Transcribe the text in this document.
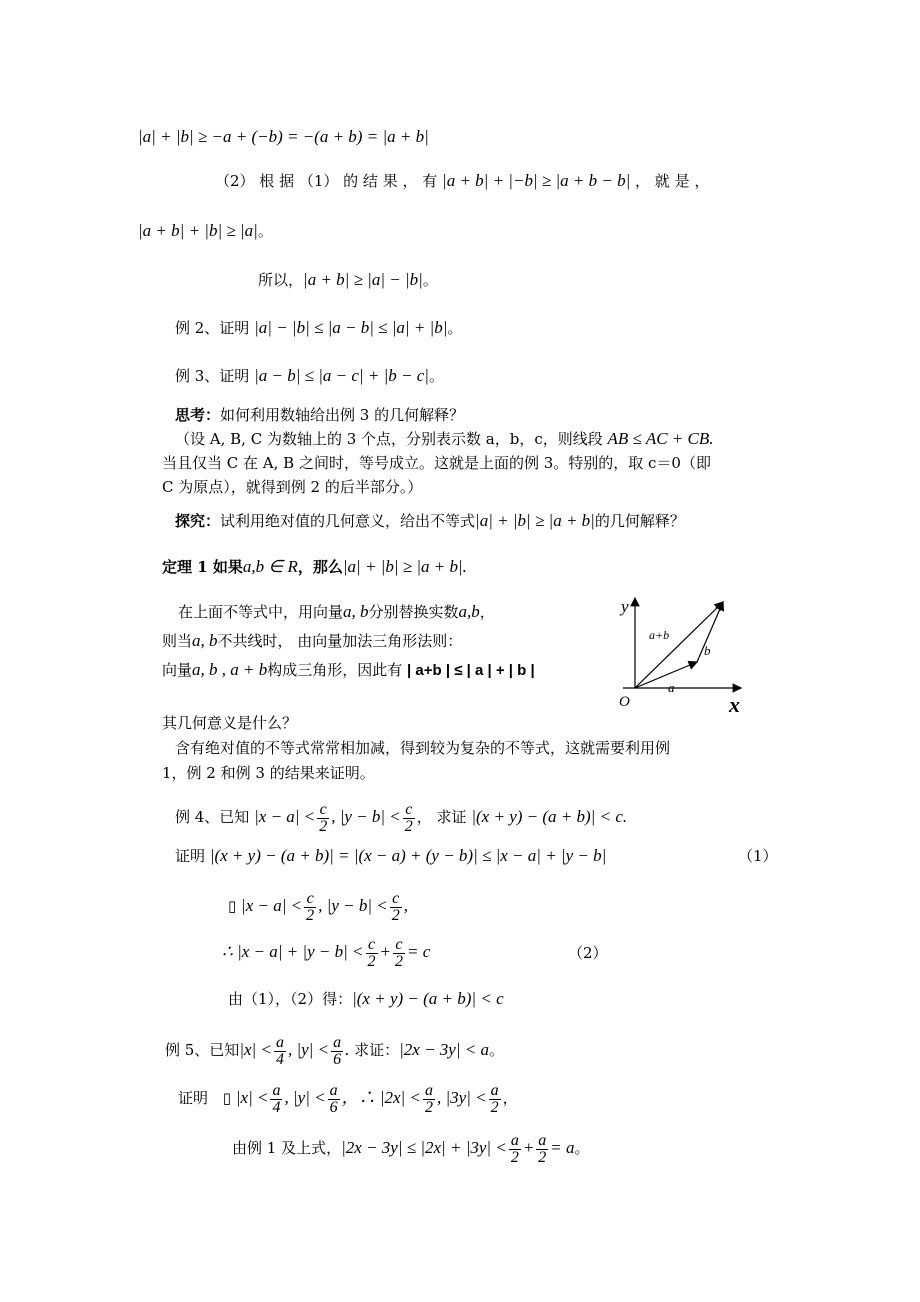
|a| + |b| ≥ −a + (−b) = −(a + b) = |a + b|
（2） 根 据 （1） 的 结 果 ， 有 |a + b| + |−b| ≥ |a + b − b| ， 就 是 ，
|a + b| + |b| ≥ |a|。
所以，|a + b| ≥ |a| − |b|。
例 2、证明 |a| − |b| ≤ |a − b| ≤ |a| + |b|。
例 3、证明 |a − b| ≤ |a − c| + |b − c|。
思考：如何利用数轴给出例 3 的几何解释？
（设 A, B, C 为数轴上的 3 个点，分别表示数 a，b，c，则线段 AB ≤ AC + CB.
当且仅当 C 在 A, B 之间时，等号成立。这就是上面的例 3。特别的，取 c＝0（即
C 为原点），就得到例 2 的后半部分。）
探究：试利用绝对值的几何意义，给出不等式|a| + |b| ≥ |a + b|的几何解释？
定理 1 如果a,b ∈ R，那么|a| + |b| ≥ |a + b|.
在上面不等式中，用向量a, b分别替换实数a,b，
则当a, b不共线时， 由向量加法三角形法则：
向量a, b , a + b构成三角形，因此有 | a+b | ≤ | a | + | b |
y
x
O
a+b
b
a
其几何意义是什么？
含有绝对值的不等式常常相加减，得到较为复杂的不等式，这就需要利用例
1，例 2 和例 3 的结果来证明。
例 4、已知 $|x - a| < \frac{c}{2}$ , $|y - b| < \frac{c}{2}$ ， 求证 |(x + y) − (a + b)| < c.
证明 |(x + y) − (a + b)| = |(x − a) + (y − b)| ≤ |x − a| + |y − b|	（1）
▯ $|x - a| < \frac{c}{2}$ , $|y - b| < \frac{c}{2}$ ,
∴ $|x - a| + |y - b| < \frac{c}{2} + \frac{c}{2} = c$	（2）
由（1），（2）得：|(x + y) − (a + b)| < c
例 5、已知$|x| < \frac{a}{4}$ , $|y| < \frac{a}{6}$ . 求证：|2x − 3y| < a。
证明 ▯ $|x| < \frac{a}{4}$ , $|y| < \frac{a}{6}$ ，∴ $|2x| < \frac{a}{2}$ , $|3y| < \frac{a}{2}$ ，
由例 1 及上式，$|2x - 3y| \le |2x| + |3y| < \frac{a}{2} + \frac{a}{2} = a$。
